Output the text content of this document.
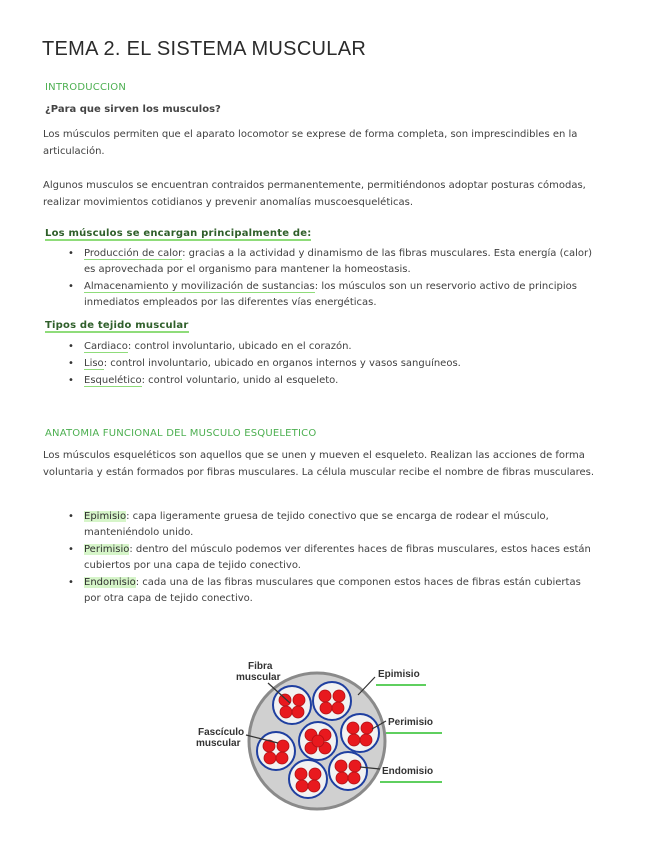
TEMA 2. EL SISTEMA MUSCULAR

INTRODUCCION

¿Para que sirven los musculos?

Los músculos permiten que el aparato locomotor se exprese de forma completa, son imprescindibles en la articulación.

Algunos musculos se encuentran contraidos permanentemente, permitiéndonos adoptar posturas cómodas, realizar movimientos cotidianos y prevenir anomalías muscoesqueléticas.

Los músculos se encargan principalmente de:

• Producción de calor: gracias a la actividad y dinamismo de las fibras musculares. Esta energía (calor) es aprovechada por el organismo para mantener la homeostasis.
• Almacenamiento y movilización de sustancias: los músculos son un reservorio activo de principios inmediatos empleados por las diferentes vías energéticas.

Tipos de tejido muscular

• Cardiaco: control involuntario, ubicado en el corazón.
• Liso: control involuntario, ubicado en organos internos y vasos sanguíneos.
• Esquelético: control voluntario, unido al esqueleto.

ANATOMIA FUNCIONAL DEL MUSCULO ESQUELETICO

Los músculos esqueléticos son aquellos que se unen y mueven el esqueleto. Realizan las acciones de forma voluntaria y están formados por fibras musculares. La célula muscular recibe el nombre de fibras musculares.

• Epimisio: capa ligeramente gruesa de tejido conectivo que se encarga de rodear el músculo, manteniéndolo unido.
• Perimisio: dentro del músculo podemos ver diferentes haces de fibras musculares, estos haces están cubiertos por una capa de tejido conectivo.
• Endomisio: cada una de las fibras musculares que componen estos haces de fibras están cubiertas por otra capa de tejido conectivo.
Fibra
muscular
Fascículo
muscular
Epimisio
Perimisio
Endomisio
